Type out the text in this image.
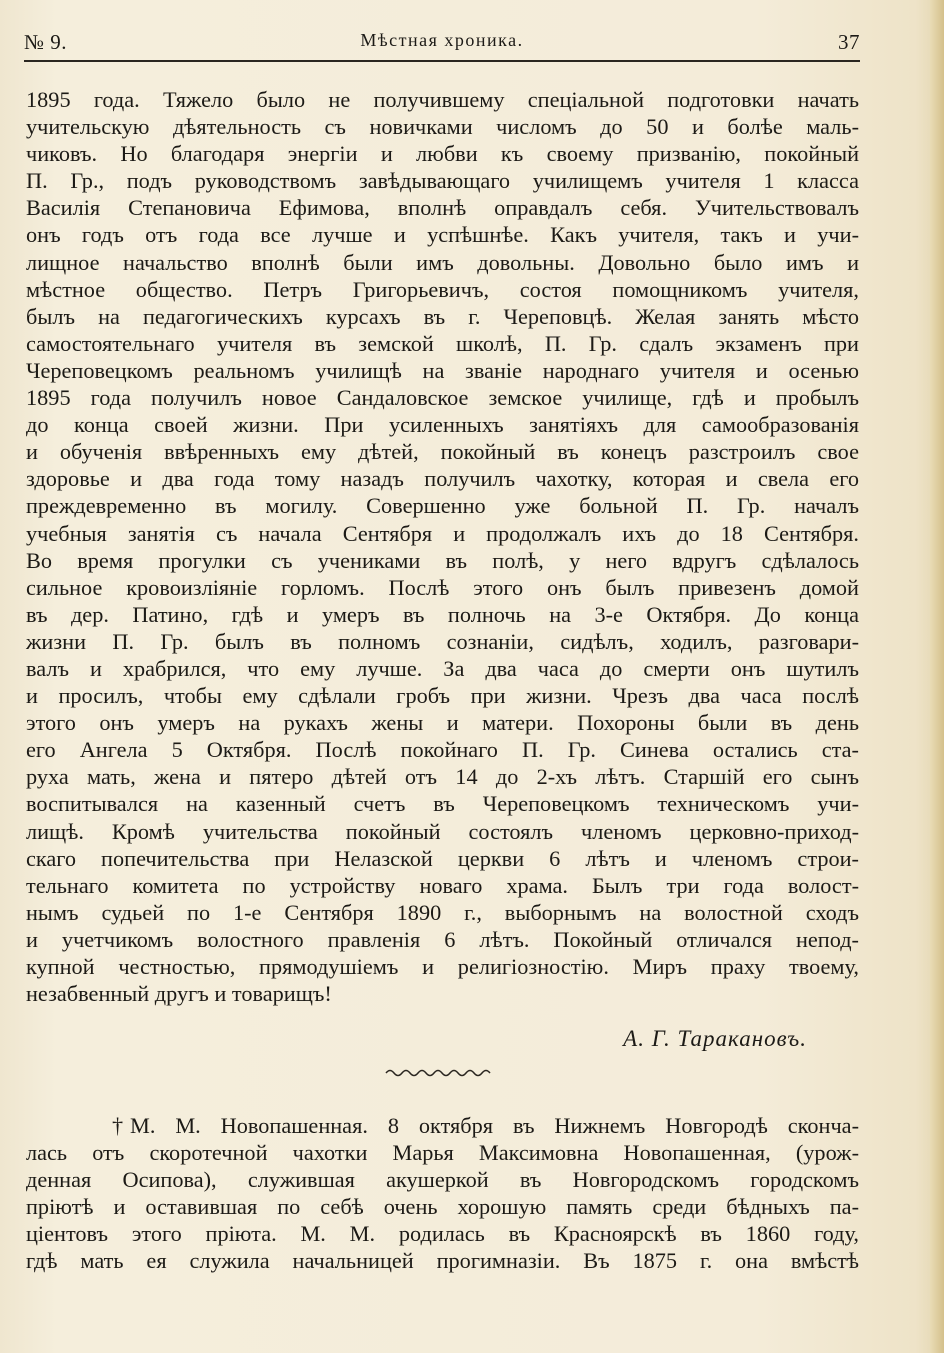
№ 9.	Мѣстная хроника.	37
1895 года. Тяжело было не получившему спеціальной подготовки начать
учительскую дѣятельность съ новичками числомъ до 50 и болѣе маль-
чиковъ. Но благодаря энергіи и любви къ своему призванію, покойный
П. Гр., подъ руководствомъ завѣдывающаго училищемъ учителя 1 класса
Василія Степановича Ефимова, вполнѣ оправдалъ себя. Учительствовалъ
онъ годъ отъ года все лучше и успѣшнѣе. Какъ учителя, такъ и учи-
лищное начальство вполнѣ были имъ довольны. Довольно было имъ и
мѣстное общество. Петръ Григорьевичъ, состоя помощникомъ учителя,
былъ на педагогическихъ курсахъ въ г. Череповцѣ. Желая занять мѣсто
самостоятельнаго учителя въ земской школѣ, П. Гр. сдалъ экзаменъ при
Череповецкомъ реальномъ училищѣ на званіе народнаго учителя и осенью
1895 года получилъ новое Сандаловское земское училище, гдѣ и пробылъ
до конца своей жизни. При усиленныхъ занятіяхъ для самообразованія
и обученія ввѣренныхъ ему дѣтей, покойный въ конецъ разстроилъ свое
здоровье и два года тому назадъ получилъ чахотку, которая и свела его
преждевременно въ могилу. Совершенно уже больной П. Гр. началъ
учебныя занятія съ начала Сентября и продолжалъ ихъ до 18 Сентября.
Во время прогулки съ учениками въ полѣ, у него вдругъ сдѣлалось
сильное кровоизліяніе горломъ. Послѣ этого онъ былъ привезенъ домой
въ дер. Патино, гдѣ и умеръ въ полночь на 3-е Октября. До конца
жизни П. Гр. былъ въ полномъ сознаніи, сидѣлъ, ходилъ, разговари-
валъ и храбрился, что ему лучше. За два часа до смерти онъ шутилъ
и просилъ, чтобы ему сдѣлали гробъ при жизни. Чрезъ два часа послѣ
этого онъ умеръ на рукахъ жены и матери. Похороны были въ день
его Ангела 5 Октября. Послѣ покойнаго П. Гр. Синева остались ста-
руха мать, жена и пятеро дѣтей отъ 14 до 2-хъ лѣтъ. Старшій его сынъ
воспитывался на казенный счетъ въ Череповецкомъ техническомъ учи-
лищѣ. Кромѣ учительства покойный состоялъ членомъ церковно-приход-
скаго попечительства при Нелазской церкви 6 лѣтъ и членомъ строи-
тельнаго комитета по устройству новаго храма. Былъ три года волост-
нымъ судьей по 1-е Сентября 1890 г., выборнымъ на волостной сходъ
и учетчикомъ волостного правленія 6 лѣтъ. Покойный отличался непод-
купной честностью, прямодушіемъ и религіозностію. Миръ праху твоему,
незабвенный другъ и товарищъ!
А. Г. Таракановъ.
† М. М. Новопашенная. 8 октября въ Нижнемъ Новгородѣ сконча-
лась отъ скоротечной чахотки Марья Максимовна Новопашенная, (урож-
денная Осипова), служившая акушеркой въ Новгородскомъ городскомъ
пріютѣ и оставившая по себѣ очень хорошую память среди бѣдныхъ па-
ціентовъ этого пріюта. М. М. родилась въ Красноярскѣ въ 1860 году,
гдѣ мать ея служила начальницей прогимназіи. Въ 1875 г. она вмѣстѣ
